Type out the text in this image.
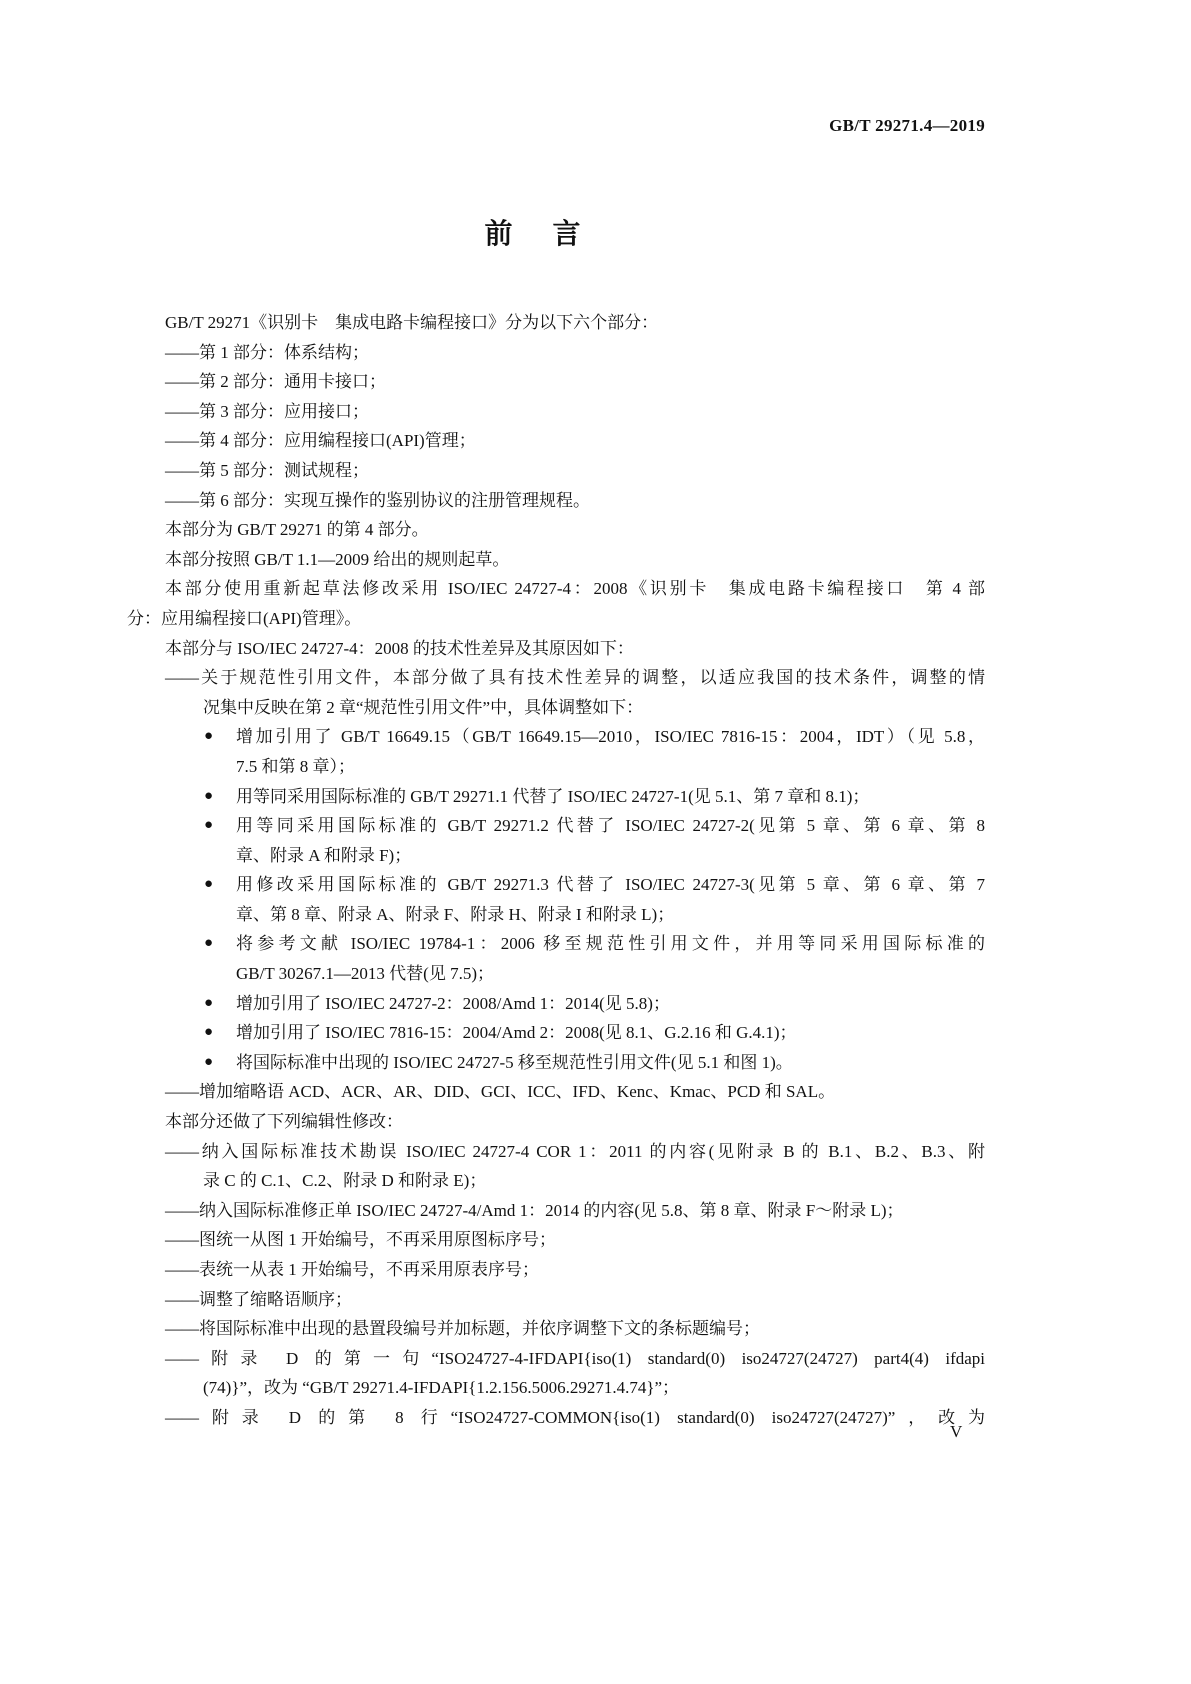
GB/T 29271.4—2019
前言
GB/T 29271《识别卡　集成电路卡编程接口》分为以下六个部分：
——第 1 部分：体系结构；
——第 2 部分：通用卡接口；
——第 3 部分：应用接口；
——第 4 部分：应用编程接口(API)管理；
——第 5 部分：测试规程；
——第 6 部分：实现互操作的鉴别协议的注册管理规程。
本部分为 GB/T 29271 的第 4 部分。
本部分按照 GB/T 1.1—2009 给出的规则起草。
本部分使用重新起草法修改采用 ISO/IEC 24727-4：2008《识别卡　集成电路卡编程接口　第 4 部
分：应用编程接口(API)管理》。
本部分与 ISO/IEC 24727-4：2008 的技术性差异及其原因如下：
——关于规范性引用文件，本部分做了具有技术性差异的调整，以适应我国的技术条件，调整的情
况集中反映在第 2 章“规范性引用文件”中，具体调整如下：
● 增加引用了 GB/T 16649.15（GB/T 16649.15—2010，ISO/IEC 7816-15：2004，IDT）（见 5.8，
7.5 和第 8 章）；
● 用等同采用国际标准的 GB/T 29271.1 代替了 ISO/IEC 24727-1(见 5.1、第 7 章和 8.1)；
● 用等同采用国际标准的 GB/T 29271.2 代替了 ISO/IEC 24727-2(见第 5 章、第 6 章、第 8
章、附录 A 和附录 F)；
● 用修改采用国际标准的 GB/T 29271.3 代替了 ISO/IEC 24727-3(见第 5 章、第 6 章、第 7
章、第 8 章、附录 A、附录 F、附录 H、附录 I 和附录 L)；
● 将参考文献 ISO/IEC 19784-1：2006 移至规范性引用文件，并用等同采用国际标准的
GB/T 30267.1—2013 代替(见 7.5)；
● 增加引用了 ISO/IEC 24727-2：2008/Amd 1：2014(见 5.8)；
● 增加引用了 ISO/IEC 7816-15：2004/Amd 2：2008(见 8.1、G.2.16 和 G.4.1)；
● 将国际标准中出现的 ISO/IEC 24727-5 移至规范性引用文件(见 5.1 和图 1)。
——增加缩略语 ACD、ACR、AR、DID、GCI、ICC、IFD、Kenc、Kmac、PCD 和 SAL。
本部分还做了下列编辑性修改：
——纳入国际标准技术勘误 ISO/IEC 24727-4 COR 1：2011 的内容(见附录 B 的 B.1、B.2、B.3、附
录 C 的 C.1、C.2、附录 D 和附录 E)；
——纳入国际标准修正单 ISO/IEC 24727-4/Amd 1：2014 的内容(见 5.8、第 8 章、附录 F～附录 L)；
——图统一从图 1 开始编号，不再采用原图标序号；
——表统一从表 1 开始编号，不再采用原表序号；
——调整了缩略语顺序；
——将国际标准中出现的悬置段编号并加标题，并依序调整下文的条标题编号；
——附录 D 的第一句“ISO24727-4-IFDAPI{iso(1) standard(0) iso24727(24727) part4(4) ifdapi
(74)}”，改为 “GB/T 29271.4-IFDAPI{1.2.156.5006.29271.4.74}”；
——附录 D 的第 8 行“ISO24727-COMMON{iso(1) standard(0) iso24727(24727)”，改为
V
